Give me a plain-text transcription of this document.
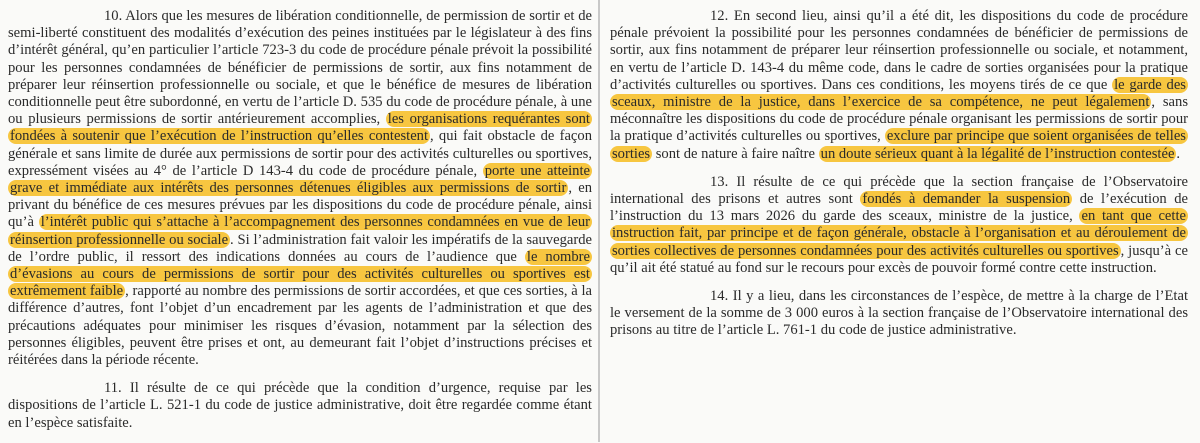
10. Alors que les mesures de libération conditionnelle, de permission de sortir et de semi-liberté constituent des modalités d’exécution des peines instituées par le législateur à des fins d’intérêt général, qu’en particulier l’article 723-3 du code de procédure pénale prévoit la possibilité pour les personnes condamnées de bénéficier de permissions de sortir, aux fins notamment de préparer leur réinsertion professionnelle ou sociale, et que le bénéfice de mesures de libération conditionnelle peut être subordonné, en vertu de l’article D. 535 du code de procédure pénale, à une ou plusieurs permissions de sortir antérieurement accomplies, les organisations requérantes sont fondées à soutenir que l’exécution de l’instruction qu’elles contestent , qui fait obstacle de façon générale et sans limite de durée aux permissions de sortir pour des activités culturelles ou sportives, expressément visées au 4° de l’article D 143-4 du code de procédure pénale, porte une atteinte grave et immédiate aux intérêts des personnes détenues éligibles aux permissions de sortir , en privant du bénéfice de ces mesures prévues par les dispositions du code de procédure pénale, ainsi qu’à l’intérêt public qui s’attache à l’accompagnement des personnes condamnées en vue de leur réinsertion professionnelle ou sociale . Si l’administration fait valoir les impératifs de la sauvegarde de l’ordre public, il ressort des indications données au cours de l’audience que le nombre d’évasions au cours de permissions de sortir pour des activités culturelles ou sportives est extrêmement faible , rapporté au nombre des permissions de sortir accordées, et que ces sorties, à la différence d’autres, font l’objet d’un encadrement par les agents de l’administration et que des précautions adéquates pour minimiser les risques d’évasion, notamment par la sélection des personnes éligibles, peuvent être prises et ont, au demeurant fait l’objet d’instructions précises et réitérées dans la période récente.

11. Il résulte de ce qui précède que la condition d’urgence, requise par les dispositions de l’article L. 521-1 du code de justice administrative, doit être regardée comme étant en l’espèce satisfaite.

12. En second lieu, ainsi qu’il a été dit, les dispositions du code de procédure pénale prévoient la possibilité pour les personnes condamnées de bénéficier de permissions de sortir, aux fins notamment de préparer leur réinsertion professionnelle ou sociale, et notamment, en vertu de l’article D. 143-4 du même code, dans le cadre de sorties organisées pour la pratique d’activités culturelles ou sportives. Dans ces conditions, les moyens tirés de ce que le garde des sceaux, ministre de la justice, dans l’exercice de sa compétence, ne peut légalement , sans méconnaître les dispositions du code de procédure pénale organisant les permissions de sortir pour la pratique d’activités culturelles ou sportives, exclure par principe que soient organisées de telles sorties sont de nature à faire naître un doute sérieux quant à la légalité de l’instruction contestée .

13. Il résulte de ce qui précède que la section française de l’Observatoire international des prisons et autres sont fondés à demander la suspension de l’exécution de l’instruction du 13 mars 2026 du garde des sceaux, ministre de la justice, en tant que cette instruction fait, par principe et de façon générale, obstacle à l’organisation et au déroulement de sorties collectives de personnes condamnées pour des activités culturelles ou sportives , jusqu’à ce qu’il ait été statué au fond sur le recours pour excès de pouvoir formé contre cette instruction.

14. Il y a lieu, dans les circonstances de l’espèce, de mettre à la charge de l’Etat le versement de la somme de 3 000 euros à la section française de l’Observatoire international des prisons au titre de l’article L. 761-1 du code de justice administrative.
